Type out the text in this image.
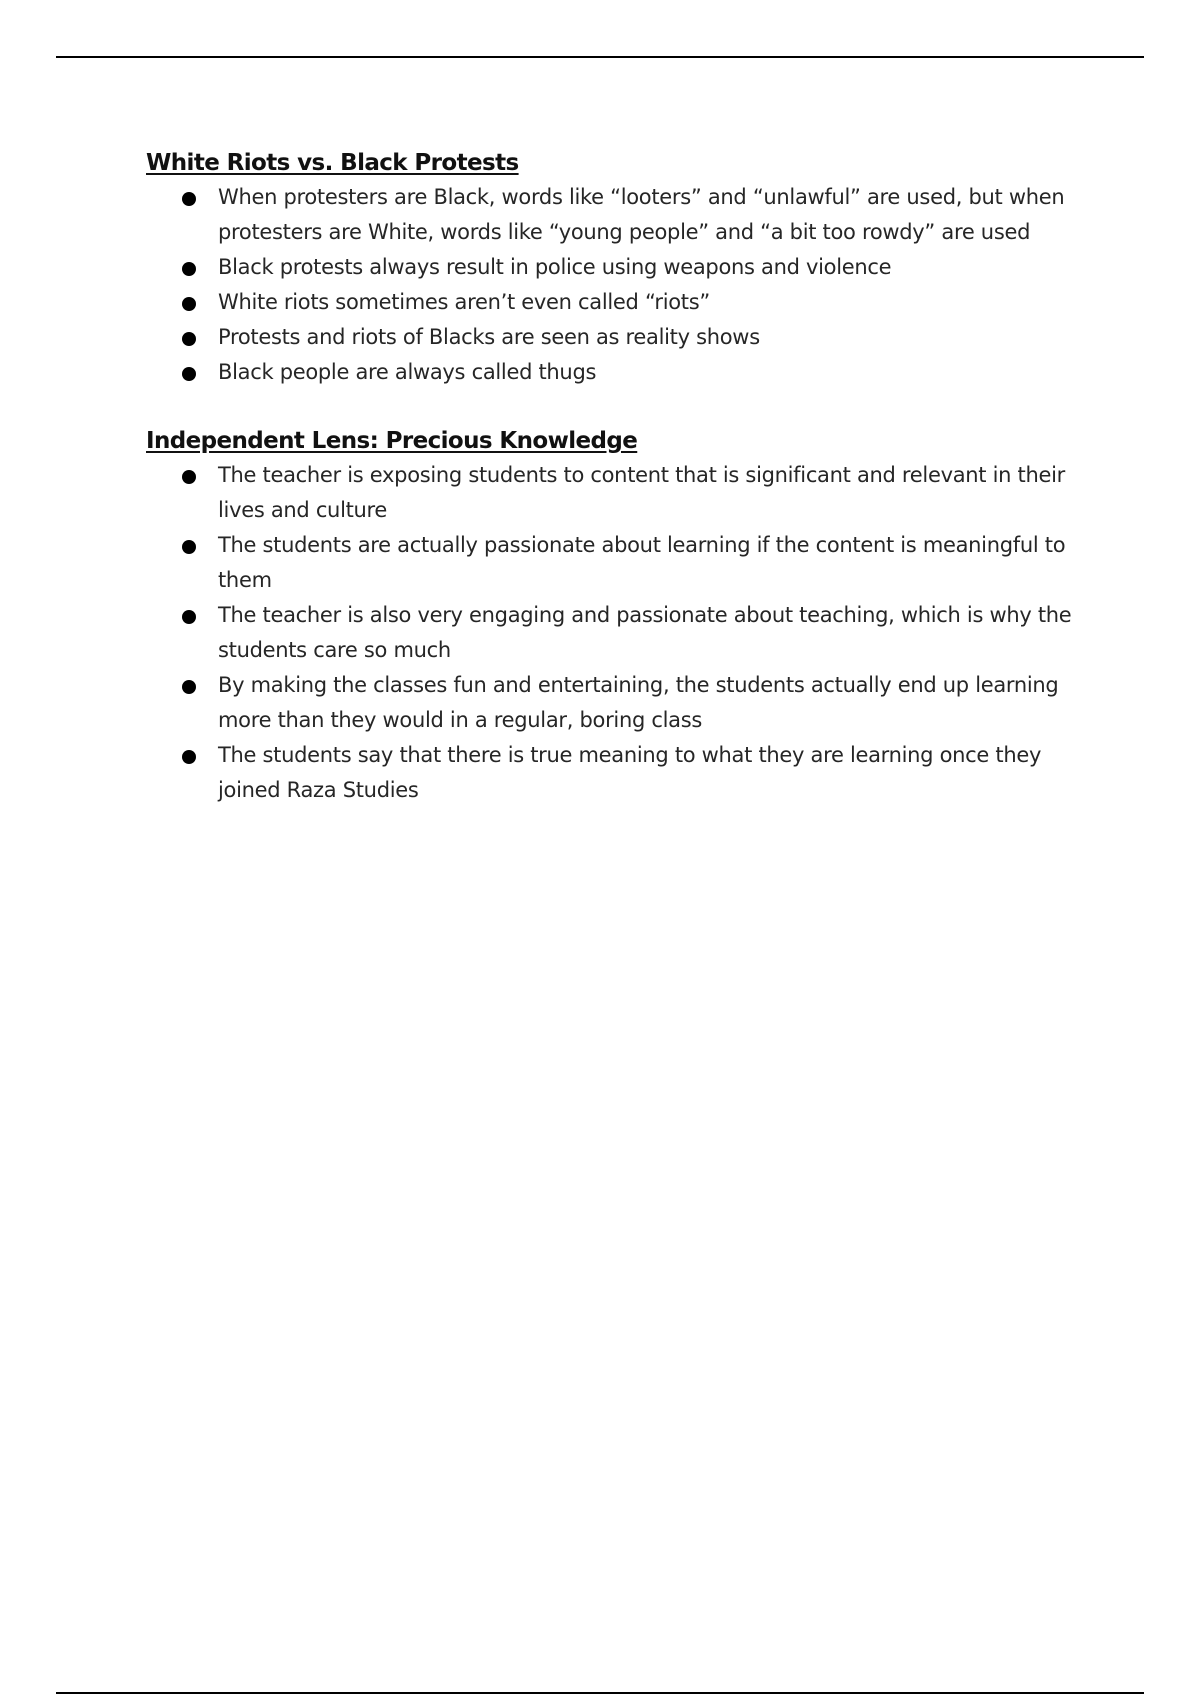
White Riots vs. Black Protests
When protesters are Black, words like “looters” and “unlawful” are used, but when protesters are White, words like “young people” and “a bit too rowdy” are used
Black protests always result in police using weapons and violence
White riots sometimes aren’t even called “riots”
Protests and riots of Blacks are seen as reality shows
Black people are always called thugs
Independent Lens: Precious Knowledge
The teacher is exposing students to content that is significant and relevant in their lives and culture
The students are actually passionate about learning if the content is meaningful to them
The teacher is also very engaging and passionate about teaching, which is why the students care so much
By making the classes fun and entertaining, the students actually end up learning more than they would in a regular, boring class
The students say that there is true meaning to what they are learning once they joined Raza Studies
